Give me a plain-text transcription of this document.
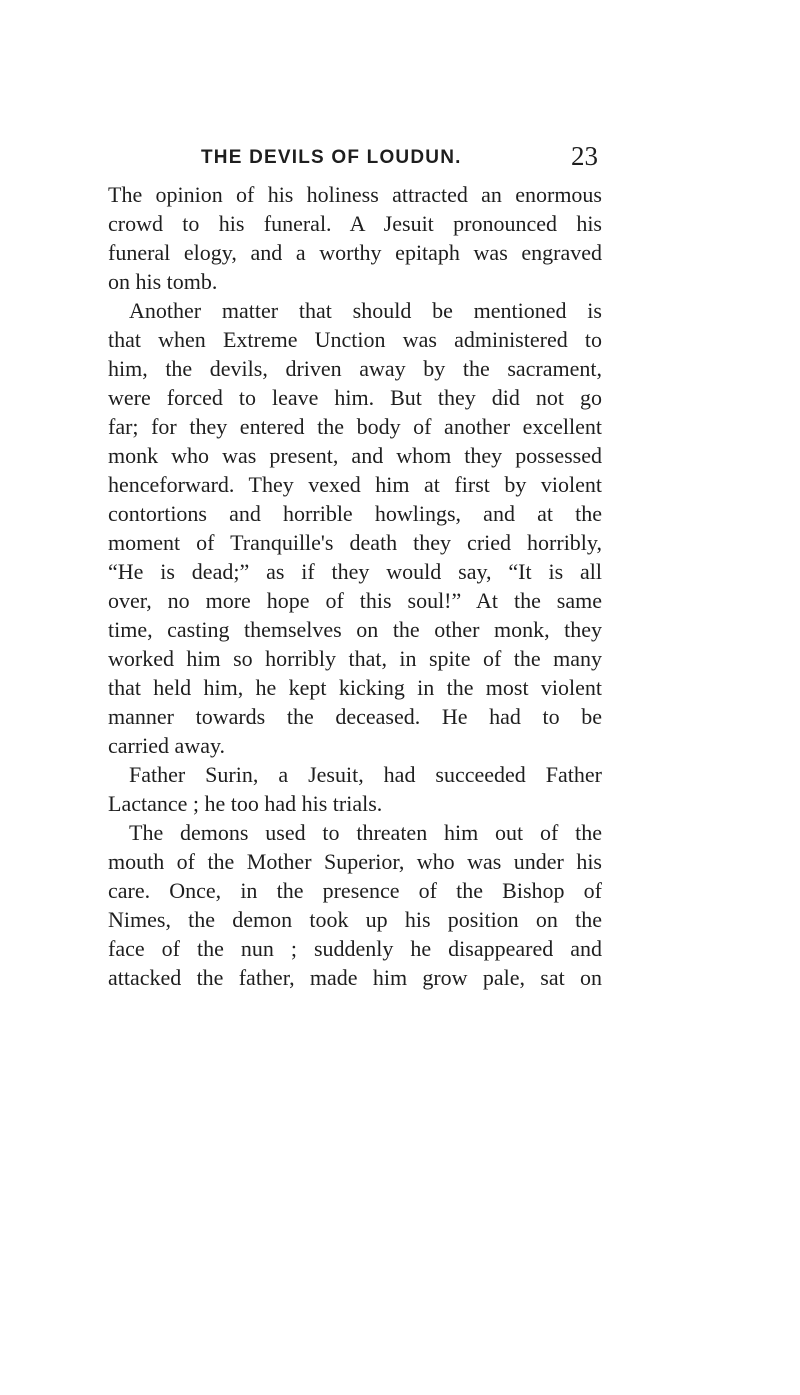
THE DEVILS OF LOUDUN.	23
The opinion of his holiness attracted an enormous
crowd to his funeral. A Jesuit pronounced his
funeral elogy, and a worthy epitaph was engraved
on his tomb.
Another matter that should be mentioned is
that when Extreme Unction was administered to
him, the devils, driven away by the sacrament,
were forced to leave him. But they did not go
far; for they entered the body of another excellent
monk who was present, and whom they possessed
henceforward. They vexed him at first by violent
contortions and horrible howlings, and at the
moment of Tranquille's death they cried horribly,
“He is dead;” as if they would say, “It is all
over, no more hope of this soul!” At the same
time, casting themselves on the other monk, they
worked him so horribly that, in spite of the many
that held him, he kept kicking in the most violent
manner towards the deceased. He had to be
carried away.
Father Surin, a Jesuit, had succeeded Father
Lactance ; he too had his trials.
The demons used to threaten him out of the
mouth of the Mother Superior, who was under his
care. Once, in the presence of the Bishop of
Nimes, the demon took up his position on the
face of the nun ; suddenly he disappeared and
attacked the father, made him grow pale, sat on
